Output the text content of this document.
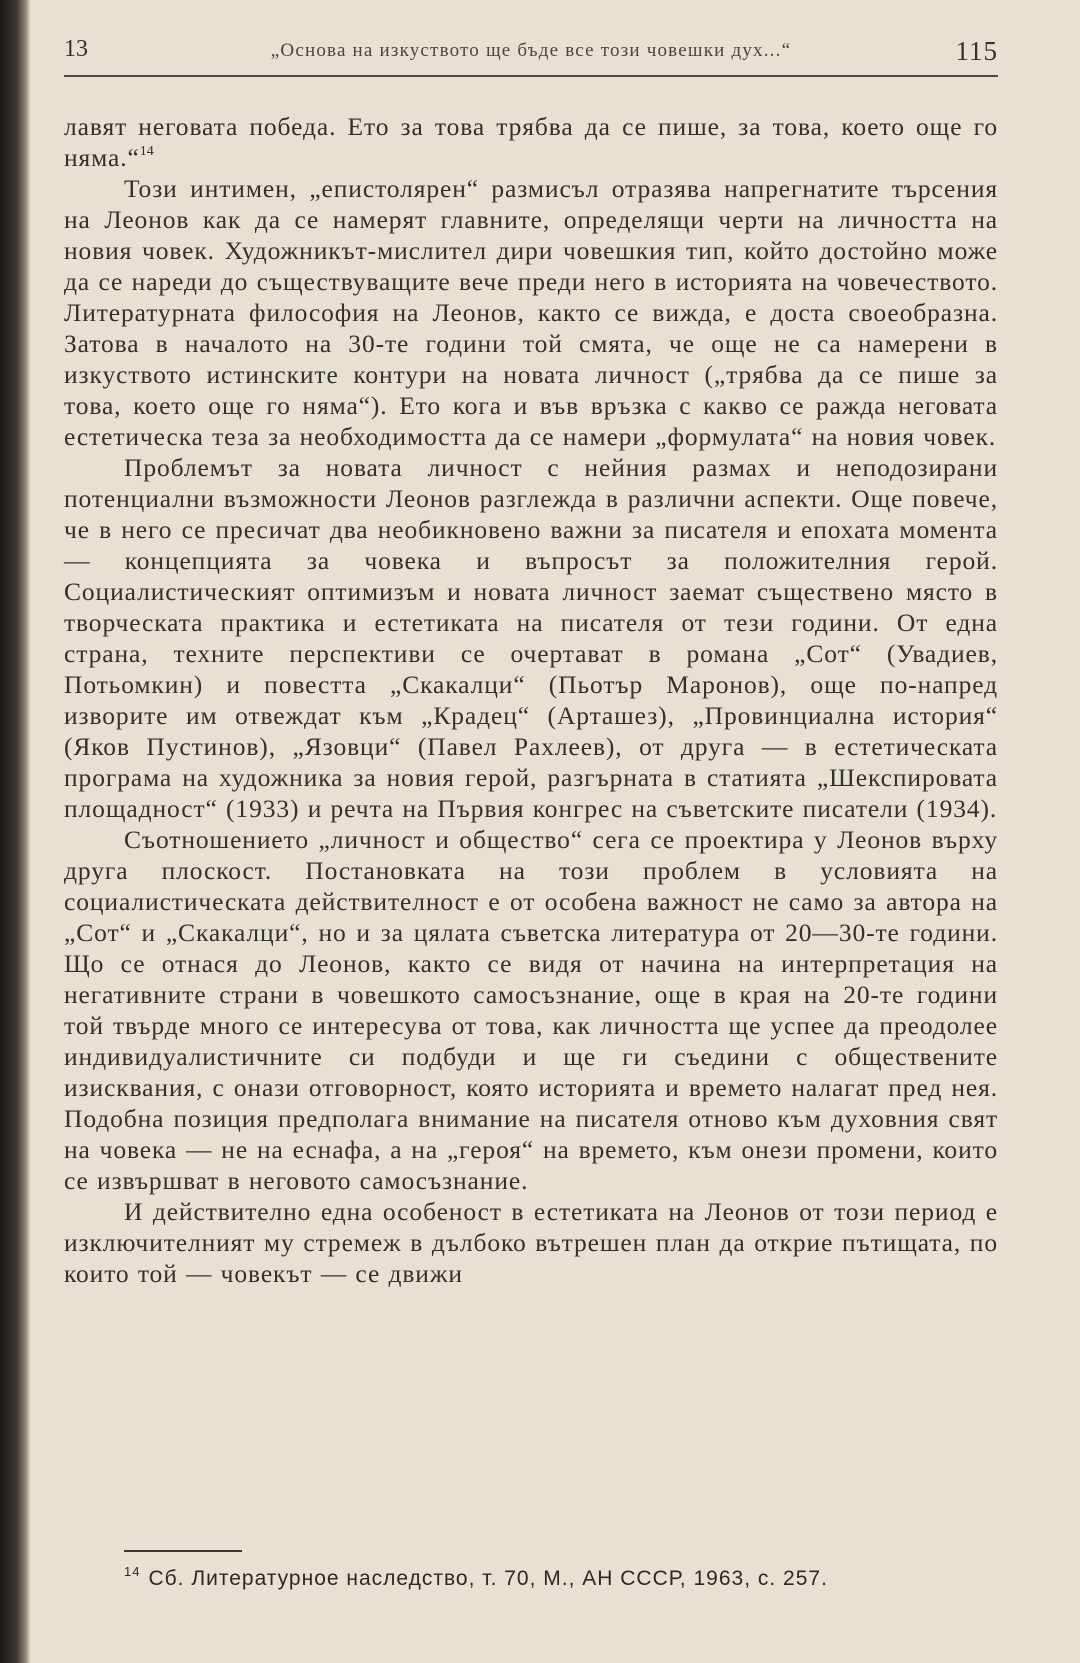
13	„Основа на изкуството ще бъде все този човешки дух...“	115

лавят неговата победа. Ето за това трябва да се пише, за това, което още го няма.“$^{14}$

Този интимен, „епистолярен“ размисъл отразява напрегнатите търсения на Леонов как да се намерят главните, определящи черти на личността на новия човек. Художникът-мислител дири човешкия тип, който достойно може да се нареди до съществуващите вече преди него в историята на човечеството. Литературната философия на Леонов, както се вижда, е доста своеобразна. Затова в началото на 30-те години той смята, че още не са намерени в изкуството истинските контури на новата личност („трябва да се пише за това, което още го няма“). Ето кога и във връзка с какво се ражда неговата естетическа теза за необходимостта да се намери „формулата“ на новия човек.

Проблемът за новата личност с нейния размах и неподозирани потенциални възможности Леонов разглежда в различни аспекти. Още повече, че в него се пресичат два необикновено важни за писателя и епохата момента — концепцията за човека и въпросът за положителния герой. Социалистическият оптимизъм и новата личност заемат съществено място в творческата практика и естетиката на писателя от тези години. От една страна, техните перспективи се очертават в романа „Сот“ (Увадиев, Потьомкин) и повестта „Скакалци“ (Пьотър Маронов), още по-напред изворите им отвеждат към „Крадец“ (Арташез), „Провинциална история“ (Яков Пустинов), „Язовци“ (Павел Рахлеев), от друга — в естетическата програма на художника за новия герой, разгърната в статията „Шекспировата площадност“ (1933) и речта на Първия конгрес на съветските писатели (1934).

Съотношението „личност и общество“ сега се проектира у Леонов върху друга плоскост. Постановката на този проблем в условията на социалистическата действителност е от особена важност не само за автора на „Сот“ и „Скакалци“, но и за цялата съветска литература от 20—30-те години. Що се отнася до Леонов, както се видя от начина на интерпретация на негативните страни в човешкото самосъзнание, още в края на 20-те години той твърде много се интересува от това, как личността ще успее да преодолее индивидуалистичните си подбуди и ще ги съедини с обществените изисквания, с онази отговорност, която историята и времето налагат пред нея. Подобна позиция предполага внимание на писателя отново към духовния свят на човека — не на еснафа, а на „героя“ на времето, към онези промени, които се извършват в неговото самосъзнание.

И действително една особеност в естетиката на Леонов от този период е изключителният му стремеж в дълбоко вътрешен план да открие пътищата, по които той — човекът — се движи

$^{14}$ Сб. Литературное наследство, т. 70, М., АН СССР, 1963, с. 257.
